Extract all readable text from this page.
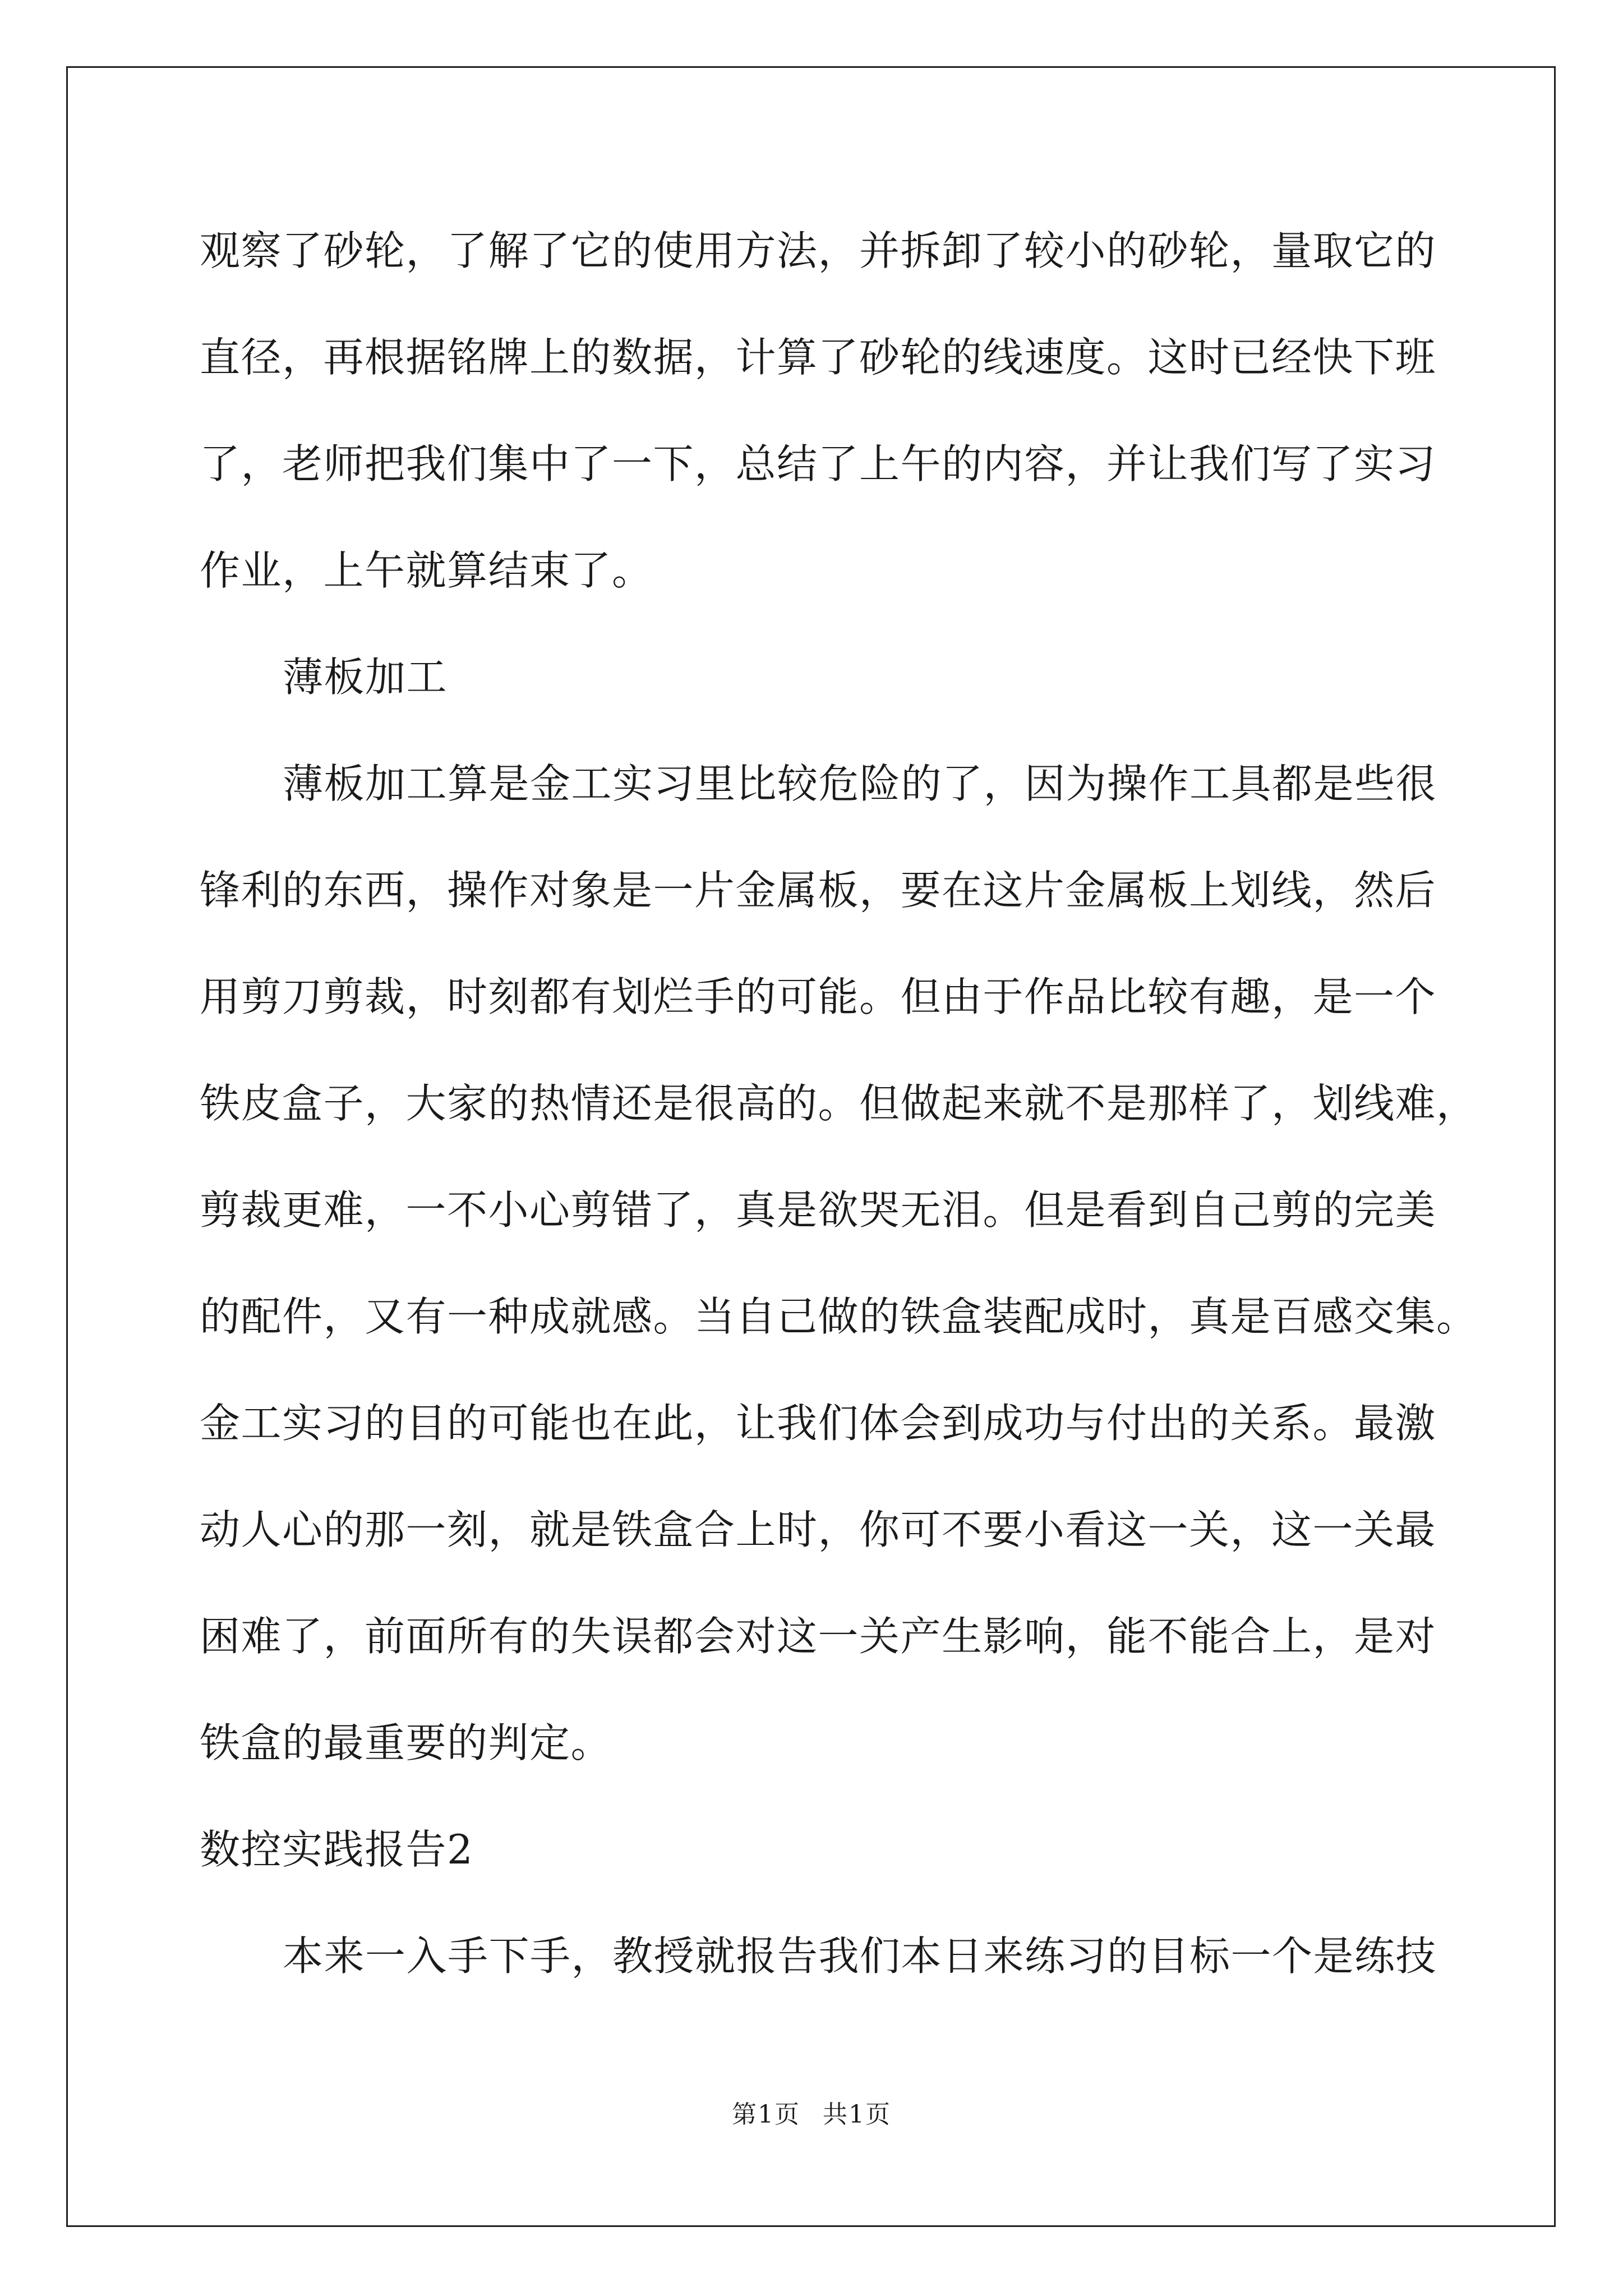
观察了砂轮，了解了它的使用方法，并拆卸了较小的砂轮，量取它的
直径，再根据铭牌上的数据，计算了砂轮的线速度。这时已经快下班
了，老师把我们集中了一下，总结了上午的内容，并让我们写了实习
作业，上午就算结束了。
薄板加工
薄板加工算是金工实习里比较危险的了，因为操作工具都是些很
锋利的东西，操作对象是一片金属板，要在这片金属板上划线，然后
用剪刀剪裁，时刻都有划烂手的可能。但由于作品比较有趣，是一个
铁皮盒子，大家的热情还是很高的。但做起来就不是那样了，划线难，
剪裁更难，一不小心剪错了，真是欲哭无泪。但是看到自己剪的完美
的配件，又有一种成就感。当自己做的铁盒装配成时，真是百感交集。
金工实习的目的可能也在此，让我们体会到成功与付出的关系。最激
动人心的那一刻，就是铁盒合上时，你可不要小看这一关，这一关最
困难了，前面所有的失误都会对这一关产生影响，能不能合上，是对
铁盒的最重要的判定。
数控实践报告2
本来一入手下手，教授就报告我们本日来练习的目标一个是练技
第1页 共1页
